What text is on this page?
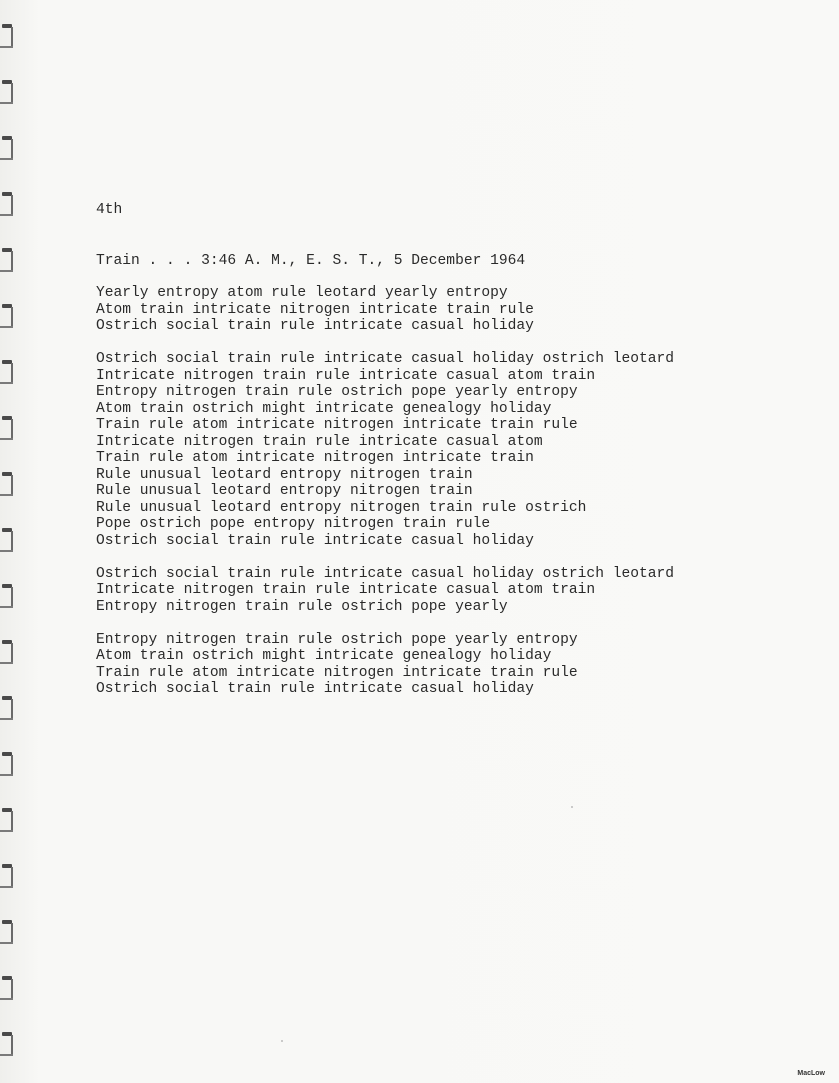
4th

Train . . . 3:46 A. M., E. S. T., 5 December 1964

Yearly entropy atom rule leotard yearly entropy
Atom train intricate nitrogen intricate train rule
Ostrich social train rule intricate casual holiday
Ostrich social train rule intricate casual holiday ostrich leotard
Intricate nitrogen train rule intricate casual atom train
Entropy nitrogen train rule ostrich pope yearly entropy
Atom train ostrich might intricate genealogy holiday
Train rule atom intricate nitrogen intricate train rule
Intricate nitrogen train rule intricate casual atom
Train rule atom intricate nitrogen intricate train
Rule unusual leotard entropy nitrogen train
Rule unusual leotard entropy nitrogen train
Rule unusual leotard entropy nitrogen train rule ostrich
Pope ostrich pope entropy nitrogen train rule
Ostrich social train rule intricate casual holiday
Ostrich social train rule intricate casual holiday ostrich leotard
Intricate nitrogen train rule intricate casual atom train
Entropy nitrogen train rule ostrich pope yearly
Entropy nitrogen train rule ostrich pope yearly entropy
Atom train ostrich might intricate genealogy holiday
Train rule atom intricate nitrogen intricate train rule
Ostrich social train rule intricate casual holiday
MacLow
